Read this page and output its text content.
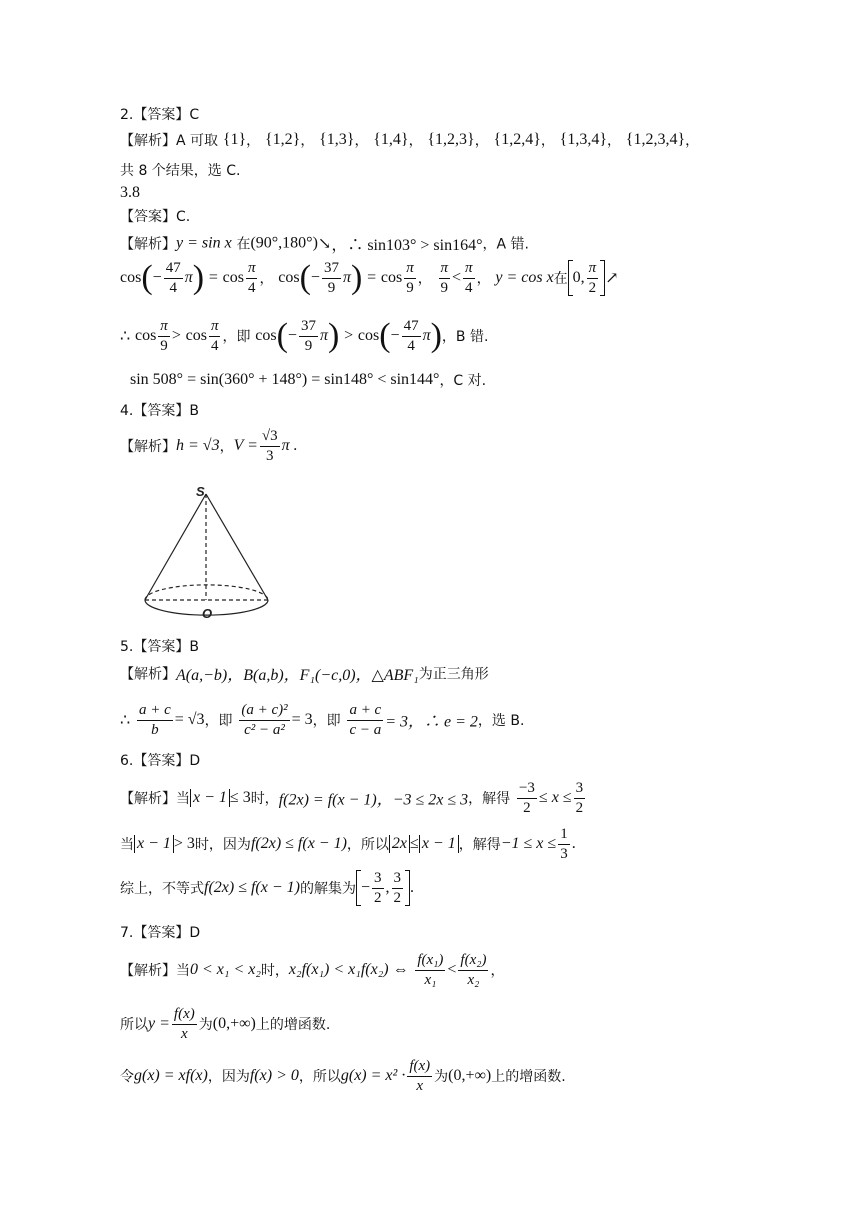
2.【答案】C
【解析】A 可取 {1}， {1,2}， {1,3}， {1,4}， {1,2,3}， {1,2,4}， {1,3,4}， {1,2,3,4}，
共 8 个结果，选 C.
3.8
【答案】C.
【解析】y = sin x 在(90°,180°)↘，∴ sin103° > sin164°，A 错.
$\cos(- \frac{47}{4} \pi) = \cos \frac{\pi}{4}$ ， $\cos(- \frac{37}{9} \pi) = \cos \frac{\pi}{9}$ ， $\frac{\pi}{9} < \frac{\pi}{4}$ ， y = cos x在 0, $\frac{\pi}{2}$ ↗
∴ $\cos \frac{\pi}{9} > \cos \frac{\pi}{4}$ ，即 $\cos(- \frac{37}{9} \pi) > \cos(- \frac{47}{4} \pi)$，B 错.
sin 508° = sin(360° + 148°) = sin148° < sin144°，C 对.
4.【答案】B
【解析】h = √3，$V = \frac{√3}{3}$ π .
S
O
5.【答案】B
【解析】A(a,−b)，B(a,b)，F₁(−c,0)，△ABF₁为正三角形
∴ $\frac{a + c}{b} = √3$，即 $\frac{\text{(a + c)²}}{\text{c² − a²}} = 3$，即 $\frac{a + c}{c - a} = 3$，∴ e = 2，选 B.
6.【答案】D
【解析】当 x − 1 ≤ 3时，f(2x) = f(x − 1)，−3 ≤ 2x ≤ 3，解得 $\frac{-3}{2} \le x \le \frac{3}{2}$
当 x − 1 > 3时，因为f(2x) ≤ f(x − 1)，所以 2x ≤ x − 1 ，解得$-1 \le x \le \frac{1}{3}$ .
综上，不等式f(2x) ≤ f(x − 1)的解集为 − $\frac{3}{2}$ , $\frac{3}{2}$ .
7.【答案】D
【解析】当0 < x₁ < x₂时，x₂f(x₁) < x₁f(x₂) ⇔ $\frac{\text{f(x₁)}}{\text{x₁}} < \frac{\text{f(x₂)}}{\text{x₂}}$ ，
所以$y = \frac{f(x)}{x}$ 为(0,+∞)上的增函数.
令g(x) = xf(x)，因为f(x) > 0，所以$g(x) = x^2 \cdot \frac{f(x)}{x}$ 为(0,+∞)上的增函数.
